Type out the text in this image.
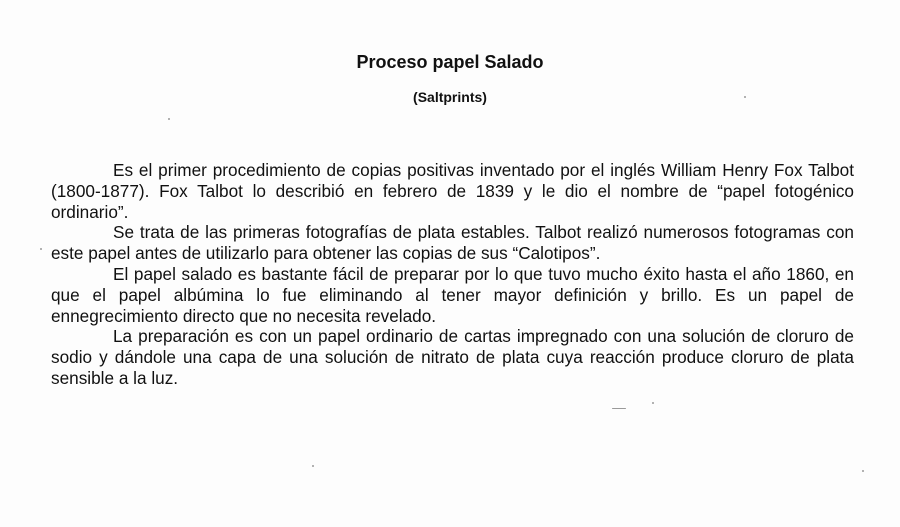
Proceso papel Salado
(Saltprints)

Es el primer procedimiento de copias positivas inventado por el inglés William Henry Fox Talbot (1800-1877). Fox Talbot lo describió en febrero de 1839 y le dio el nombre de “papel fotogénico ordinario”.

Se trata de las primeras fotografías de plata estables. Talbot realizó numerosos fotogramas con este papel antes de utilizarlo para obtener las copias de sus “Calotipos”.

El papel salado es bastante fácil de preparar por lo que tuvo mucho éxito hasta el año 1860, en que el papel albúmina lo fue eliminando al tener mayor definición y brillo. Es un papel de ennegrecimiento directo que no necesita revelado.

La preparación es con un papel ordinario de cartas impregnado con una solución de cloruro de sodio y dándole una capa de una solución de nitrato de plata cuya reacción produce cloruro de plata sensible a la luz.
